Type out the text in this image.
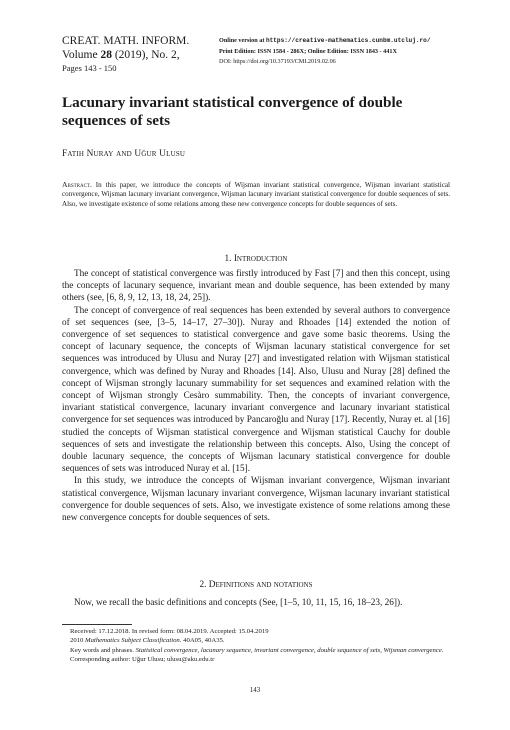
CREAT. MATH. INFORM.
Volume 28 (2019), No. 2,
Pages 143 - 150
Online version at https://creative-mathematics.cunbm.utcluj.ro/
Print Edition: ISSN 1584 - 286X; Online Edition: ISSN 1843 - 441X
DOI: https://doi.org/10.37193/CMI.2019.02.06
Lacunary invariant statistical convergence of double sequences of sets
Fatih Nuray and Uğur Ulusu
Abstract. In this paper, we introduce the concepts of Wijsman invariant statistical convergence, Wijsman invariant statistical convergence, Wijsman lacunary invariant convergence, Wijsman lacunary invariant statistical convergence for double sequences of sets. Also, we investigate existence of some relations among these new convergence concepts for double sequences of sets.
1. Introduction

The concept of statistical convergence was firstly introduced by Fast [7] and then this concept, using the concepts of lacunary sequence, invariant mean and double sequence, has been extended by many others (see, [6, 8, 9, 12, 13, 18, 24, 25]).

The concept of convergence of real sequences has been extended by several authors to convergence of set sequences (see, [3–5, 14–17, 27–30]). Nuray and Rhoades [14] extended the notion of convergence of set sequences to statistical convergence and gave some basic theorems. Using the concept of lacunary sequence, the concepts of Wijsman lacunary statistical convergence for set sequences was introduced by Ulusu and Nuray [27] and investigated relation with Wijsman statistical convergence, which was defined by Nuray and Rhoades [14]. Also, Ulusu and Nuray [28] defined the concept of Wijsman strongly lacunary summability for set sequences and examined relation with the concept of Wijsman strongly Cesàro summability. Then, the concepts of invariant convergence, invariant statistical convergence, lacunary invariant convergence and lacunary invariant statistical convergence for set sequences was introduced by Pancaroğlu and Nuray [17]. Recently, Nuray et. al [16] studied the concepts of Wijsman statistical convergence and Wijsman statistical Cauchy for double sequences of sets and investigate the relationship between this concepts. Also, Using the concept of double lacunary sequence, the concepts of Wijsman lacunary statistical convergence for double sequences of sets was introduced Nuray et al. [15].

In this study, we introduce the concepts of Wijsman invariant convergence, Wijsman invariant statistical convergence, Wijsman lacunary invariant convergence, Wijsman lacunary invariant statistical convergence for double sequences of sets. Also, we investigate existence of some relations among these new convergence concepts for double sequences of sets.

2. Definitions and notations

Now, we recall the basic definitions and concepts (See, [1–5, 10, 11, 15, 16, 18–23, 26]).

Received: 17.12.2018. In revised form: 08.04.2019. Accepted: 15.04.2019
2010 Mathematics Subject Classification. 40A05, 40A35.
Key words and phrases. Statistical convergence, lacunary sequence, invariant convergence, double sequence of sets, Wijsman convergence.
Corresponding author: Uğur Ulusu; ulusu@aku.edu.tr
143
